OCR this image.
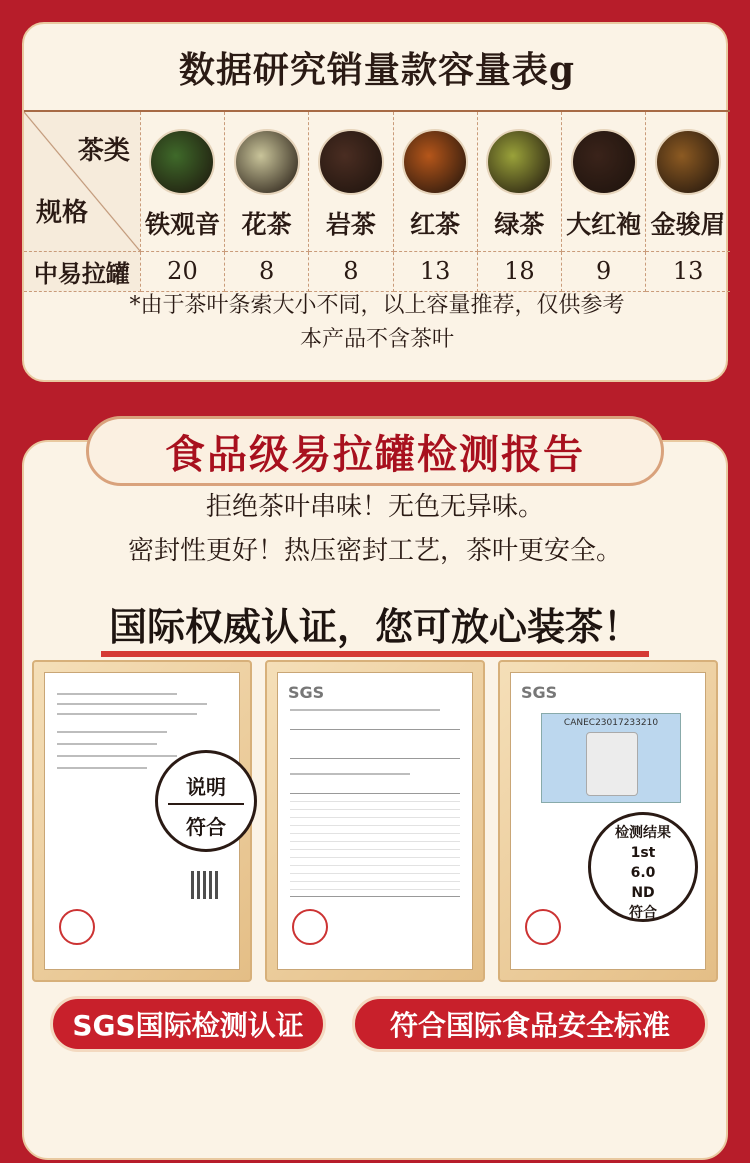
数据研究销量款容量表g
茶类
规格	铁观音	花茶	岩茶	红茶	绿茶	大红袍	金骏眉

中易拉罐	20	8	8	13	18	9	13
*由于茶叶条索大小不同，以上容量推荐，仅供参考
本产品不含茶叶
食品级易拉罐检测报告
拒绝茶叶串味！无色无异味。
密封性更好！热压密封工艺，茶叶更安全。
国际权威认证，您可放心装茶！
SGS	SGS
CANEC23017233210
说明
符合	检测结果
1st
6.0
ND
符合
SGS国际检测认证	符合国际食品安全标准
